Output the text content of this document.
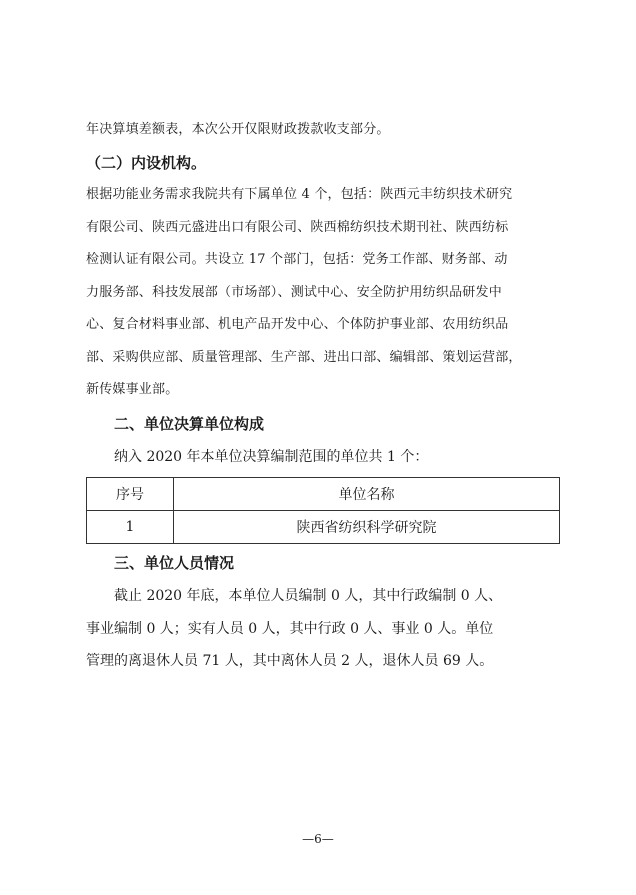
年决算填差额表，本次公开仅限财政拨款收支部分。

（二）内设机构。

根据功能业务需求我院共有下属单位 4 个，包括：陕西元丰纺织技术研究

有限公司、陕西元盛进出口有限公司、陕西棉纺织技术期刊社、陕西纺标

检测认证有限公司。共设立 17 个部门，包括：党务工作部、财务部、动

力服务部、科技发展部（市场部）、测试中心、安全防护用纺织品研发中

心、复合材料事业部、机电产品开发中心、个体防护事业部、农用纺织品

部、采购供应部、质量管理部、生产部、进出口部、编辑部、策划运营部，

新传媒事业部。

二、单位决算单位构成

纳入 2020 年本单位决算编制范围的单位共 1 个：

序号	单位名称
1	陕西省纺织科学研究院

三、单位人员情况

截止 2020 年底，本单位人员编制 0 人，其中行政编制 0 人、

事业编制 0 人；实有人员 0 人，其中行政 0 人、事业 0 人。单位

管理的离退休人员 71 人，其中离休人员 2 人，退休人员 69 人。

—6—
